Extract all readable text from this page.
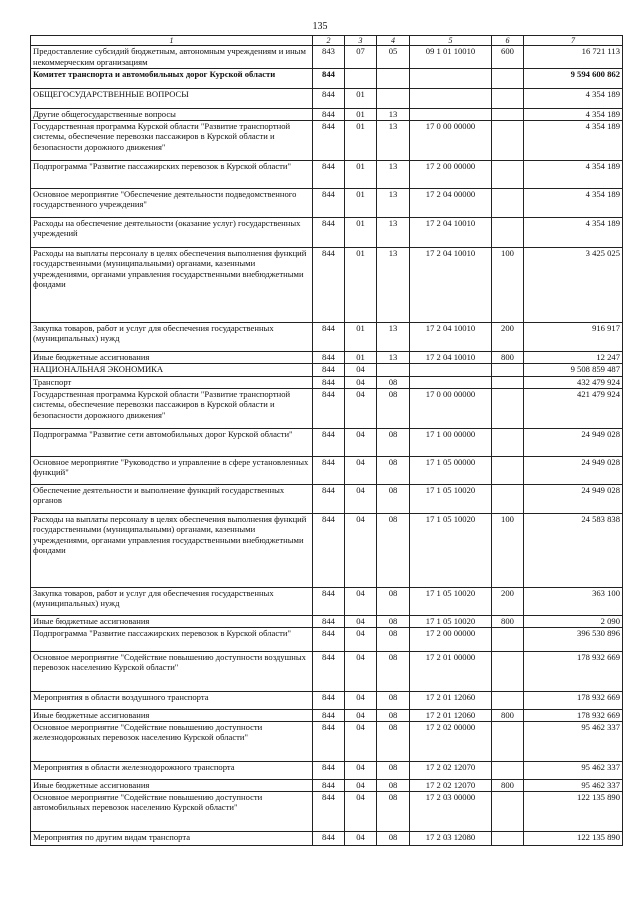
135
1	2	3	4	5	6	7
Предоставление субсидий бюджетным, автономным учреждениям и иным некоммерческим организациям	843	07	05	09 1 01 10010	600	16 721 113
Комитет транспорта и автомобильных дорог Курской области	844					9 594 600 862
ОБЩЕГОСУДАРСТВЕННЫЕ ВОПРОСЫ	844	01				4 354 189
Другие общегосударственные вопросы	844	01	13			4 354 189
Государственная программа Курской области "Развитие транспортной системы, обеспечение перевозки пассажиров в Курской области и безопасности дорожного движения"	844	01	13	17 0 00 00000		4 354 189
Подпрограмма "Развитие пассажирских перевозок в Курской области"	844	01	13	17 2 00 00000		4 354 189
Основное мероприятие "Обеспечение деятельности подведомственного государственного учреждения"	844	01	13	17 2 04 00000		4 354 189
Расходы на обеспечение деятельности (оказание услуг) государственных учреждений	844	01	13	17 2 04 10010		4 354 189
Расходы на выплаты персоналу в целях обеспечения выполнения функций государственными (муниципальными) органами, казенными учреждениями, органами управления государственными внебюджетными фондами	844	01	13	17 2 04 10010	100	3 425 025
Закупка товаров, работ и услуг для обеспечения государственных (муниципальных) нужд	844	01	13	17 2 04 10010	200	916 917
Иные бюджетные ассигнования	844	01	13	17 2 04 10010	800	12 247
НАЦИОНАЛЬНАЯ ЭКОНОМИКА	844	04				9 508 859 487
Транспорт	844	04	08			432 479 924
Государственная программа Курской области "Развитие транспортной системы, обеспечение перевозки пассажиров в Курской области и безопасности дорожного движения"	844	04	08	17 0 00 00000		421 479 924
Подпрограмма "Развитие сети автомобильных дорог Курской области"	844	04	08	17 1 00 00000		24 949 028
Основное мероприятие "Руководство и управление в сфере установленных функций"	844	04	08	17 1 05 00000		24 949 028
Обеспечение деятельности и выполнение функций государственных органов	844	04	08	17 1 05 10020		24 949 028
Расходы на выплаты персоналу в целях обеспечения выполнения функций государственными (муниципальными) органами, казенными учреждениями, органами управления государственными внебюджетными фондами	844	04	08	17 1 05 10020	100	24 583 838
Закупка товаров, работ и услуг для обеспечения государственных (муниципальных) нужд	844	04	08	17 1 05 10020	200	363 100
Иные бюджетные ассигнования	844	04	08	17 1 05 10020	800	2 090
Подпрограмма "Развитие пассажирских перевозок в Курской области"	844	04	08	17 2 00 00000		396 530 896
Основное мероприятие "Содействие повышению доступности воздушных перевозок населению Курской области"	844	04	08	17 2 01 00000		178 932 669
Мероприятия в области воздушного транспорта	844	04	08	17 2 01 12060		178 932 669
Иные бюджетные ассигнования	844	04	08	17 2 01 12060	800	178 932 669
Основное мероприятие "Содействие повышению доступности железнодорожных перевозок населению Курской области"	844	04	08	17 2 02 00000		95 462 337
Мероприятия в области железнодорожного транспорта	844	04	08	17 2 02 12070		95 462 337
Иные бюджетные ассигнования	844	04	08	17 2 02 12070	800	95 462 337
Основное мероприятие "Содействие повышению доступности автомобильных перевозок населению Курской области"	844	04	08	17 2 03 00000		122 135 890
Мероприятия по другим видам транспорта	844	04	08	17 2 03 12080		122 135 890
